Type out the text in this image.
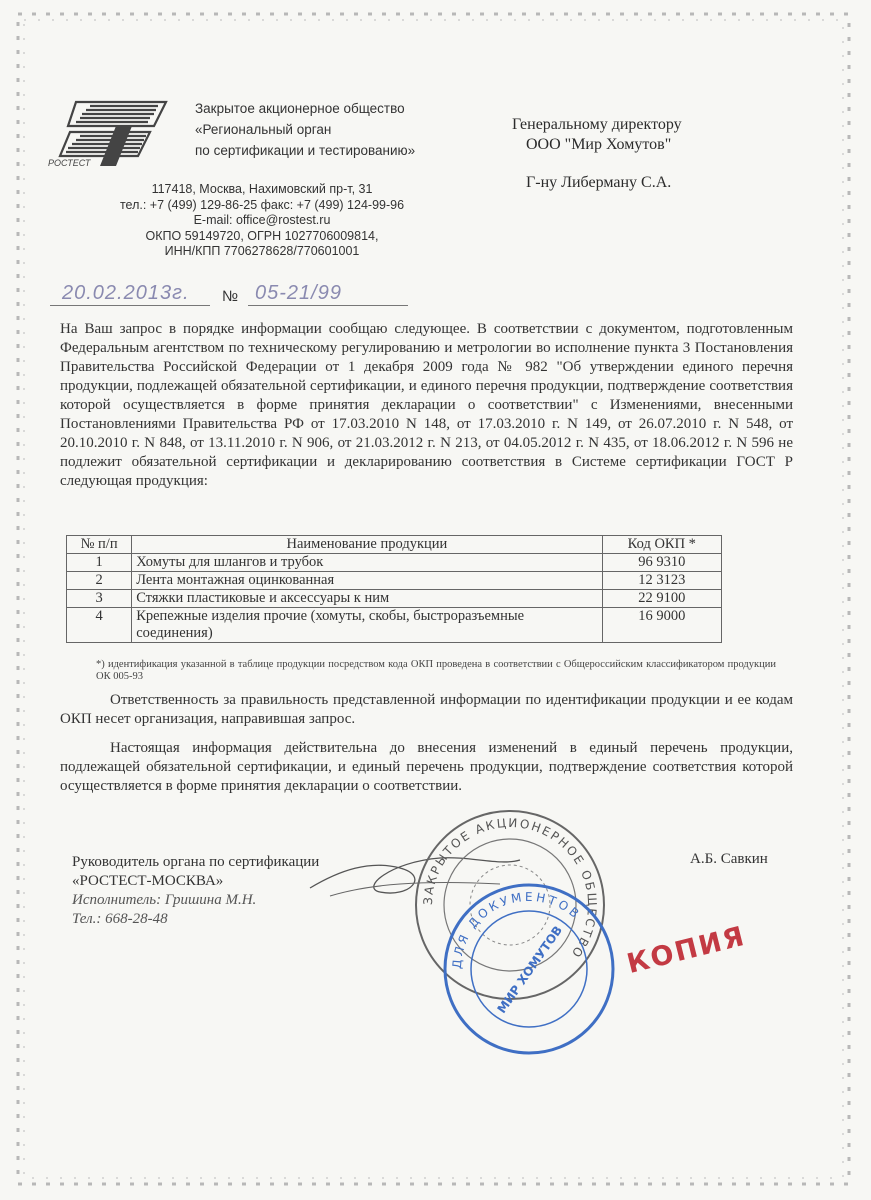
РОСТЕСТ
Закрытое акционерное общество
«Региональный орган
по сертификации и тестированию»
117418, Москва, Нахимовский пр-т, 31
тел.: +7 (499) 129-86-25 факс: +7 (499) 124-99-96
E-mail: office@rostest.ru
ОКПО 59149720, ОГРН 1027706009814,
ИНН/КПП 7706278628/770601001
Генеральному директору
ООО "Мир Хомутов"
Г-ну Либерману С.А.
20.02.2013г. № 05-21/99
На Ваш запрос в порядке информации сообщаю следующее. В соответствии с документом, подготовленным Федеральным агентством по техническому регулированию и метрологии во исполнение пункта 3 Постановления Правительства Российской Федерации от 1 декабря 2009 года № 982 "Об утверждении единого перечня продукции, подлежащей обязательной сертификации, и единого перечня продукции, подтверждение соответствия которой осуществляется в форме принятия декларации о соответствии" с Изменениями, внесенными Постановлениями Правительства РФ от 17.03.2010 N 148, от 17.03.2010 г. N 149, от 26.07.2010 г. N 548, от 20.10.2010 г. N 848, от 13.11.2010 г. N 906, от 21.03.2012 г. N 213, от 04.05.2012 г. N 435, от 18.06.2012 г. N 596 не подлежит обязательной сертификации и декларированию соответствия в Системе сертификации ГОСТ Р следующая продукция:
№ п/п	Наименование продукции	Код ОКП *
1	Хомуты для шлангов и трубок	96 9310
2	Лента монтажная оцинкованная	12 3123
3	Стяжки пластиковые и аксессуары к ним	22 9100
4	Крепежные изделия прочие (хомуты, скобы, быстроразъемные соединения)	16 9000
*) идентификация указанной в таблице продукции посредством кода ОКП проведена в соответствии с Общероссийским классификатором продукции ОК 005-93
Ответственность за правильность представленной информации по идентификации продукции и ее кодам ОКП несет организация, направившая запрос.
Настоящая информация действительна до внесения изменений в единый перечень продукции, подлежащей обязательной сертификации, и единый перечень продукции, подтверждение соответствия которой осуществляется в форме принятия декларации о соответствии.
Руководитель органа по сертификации
«РОСТЕСТ-МОСКВА»
Исполнитель: Гришина М.Н.
Тел.: 668-28-48
А.Б. Савкин
ЗАКРЫТОЕ АКЦИОНЕРНОЕ ОБЩЕСТВО
ДЛЯ ДОКУМЕНТОВ
МИР ХОМУТОВ КОПИЯ
